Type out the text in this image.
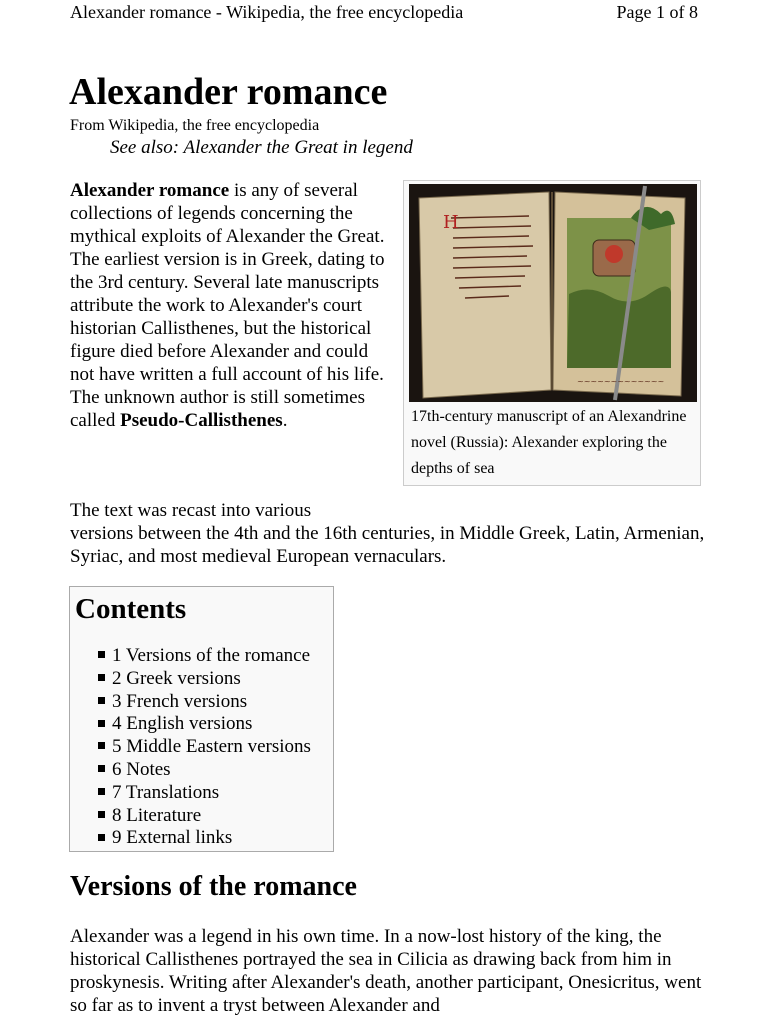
Alexander romance - Wikipedia, the free encyclopedia	Page 1 of 8
Alexander romance
From Wikipedia, the free encyclopedia
See also: Alexander the Great in legend
Alexander romance is any of several collections of legends concerning the mythical exploits of Alexander the Great. The earliest version is in Greek, dating to the 3rd century. Several late manuscripts attribute the work to Alexander's court historian Callisthenes, but the historical figure died before Alexander and could not have written a full account of his life. The unknown author is still sometimes called Pseudo-Callisthenes.
Н
~~~~~~~~~~~~~
17th-century manuscript of an Alexandrine novel (Russia): Alexander exploring the depths of sea
The text was recast into various
versions between the 4th and the 16th centuries, in Middle Greek, Latin, Armenian, Syriac, and most medieval European vernaculars.
Contents
1 Versions of the romance
2 Greek versions
3 French versions
4 English versions
5 Middle Eastern versions
6 Notes
7 Translations
8 Literature
9 External links
Versions of the romance
Alexander was a legend in his own time. In a now-lost history of the king, the historical Callisthenes portrayed the sea in Cilicia as drawing back from him in proskynesis. Writing after Alexander's death, another participant, Onesicritus, went so far as to invent a tryst between Alexander and
